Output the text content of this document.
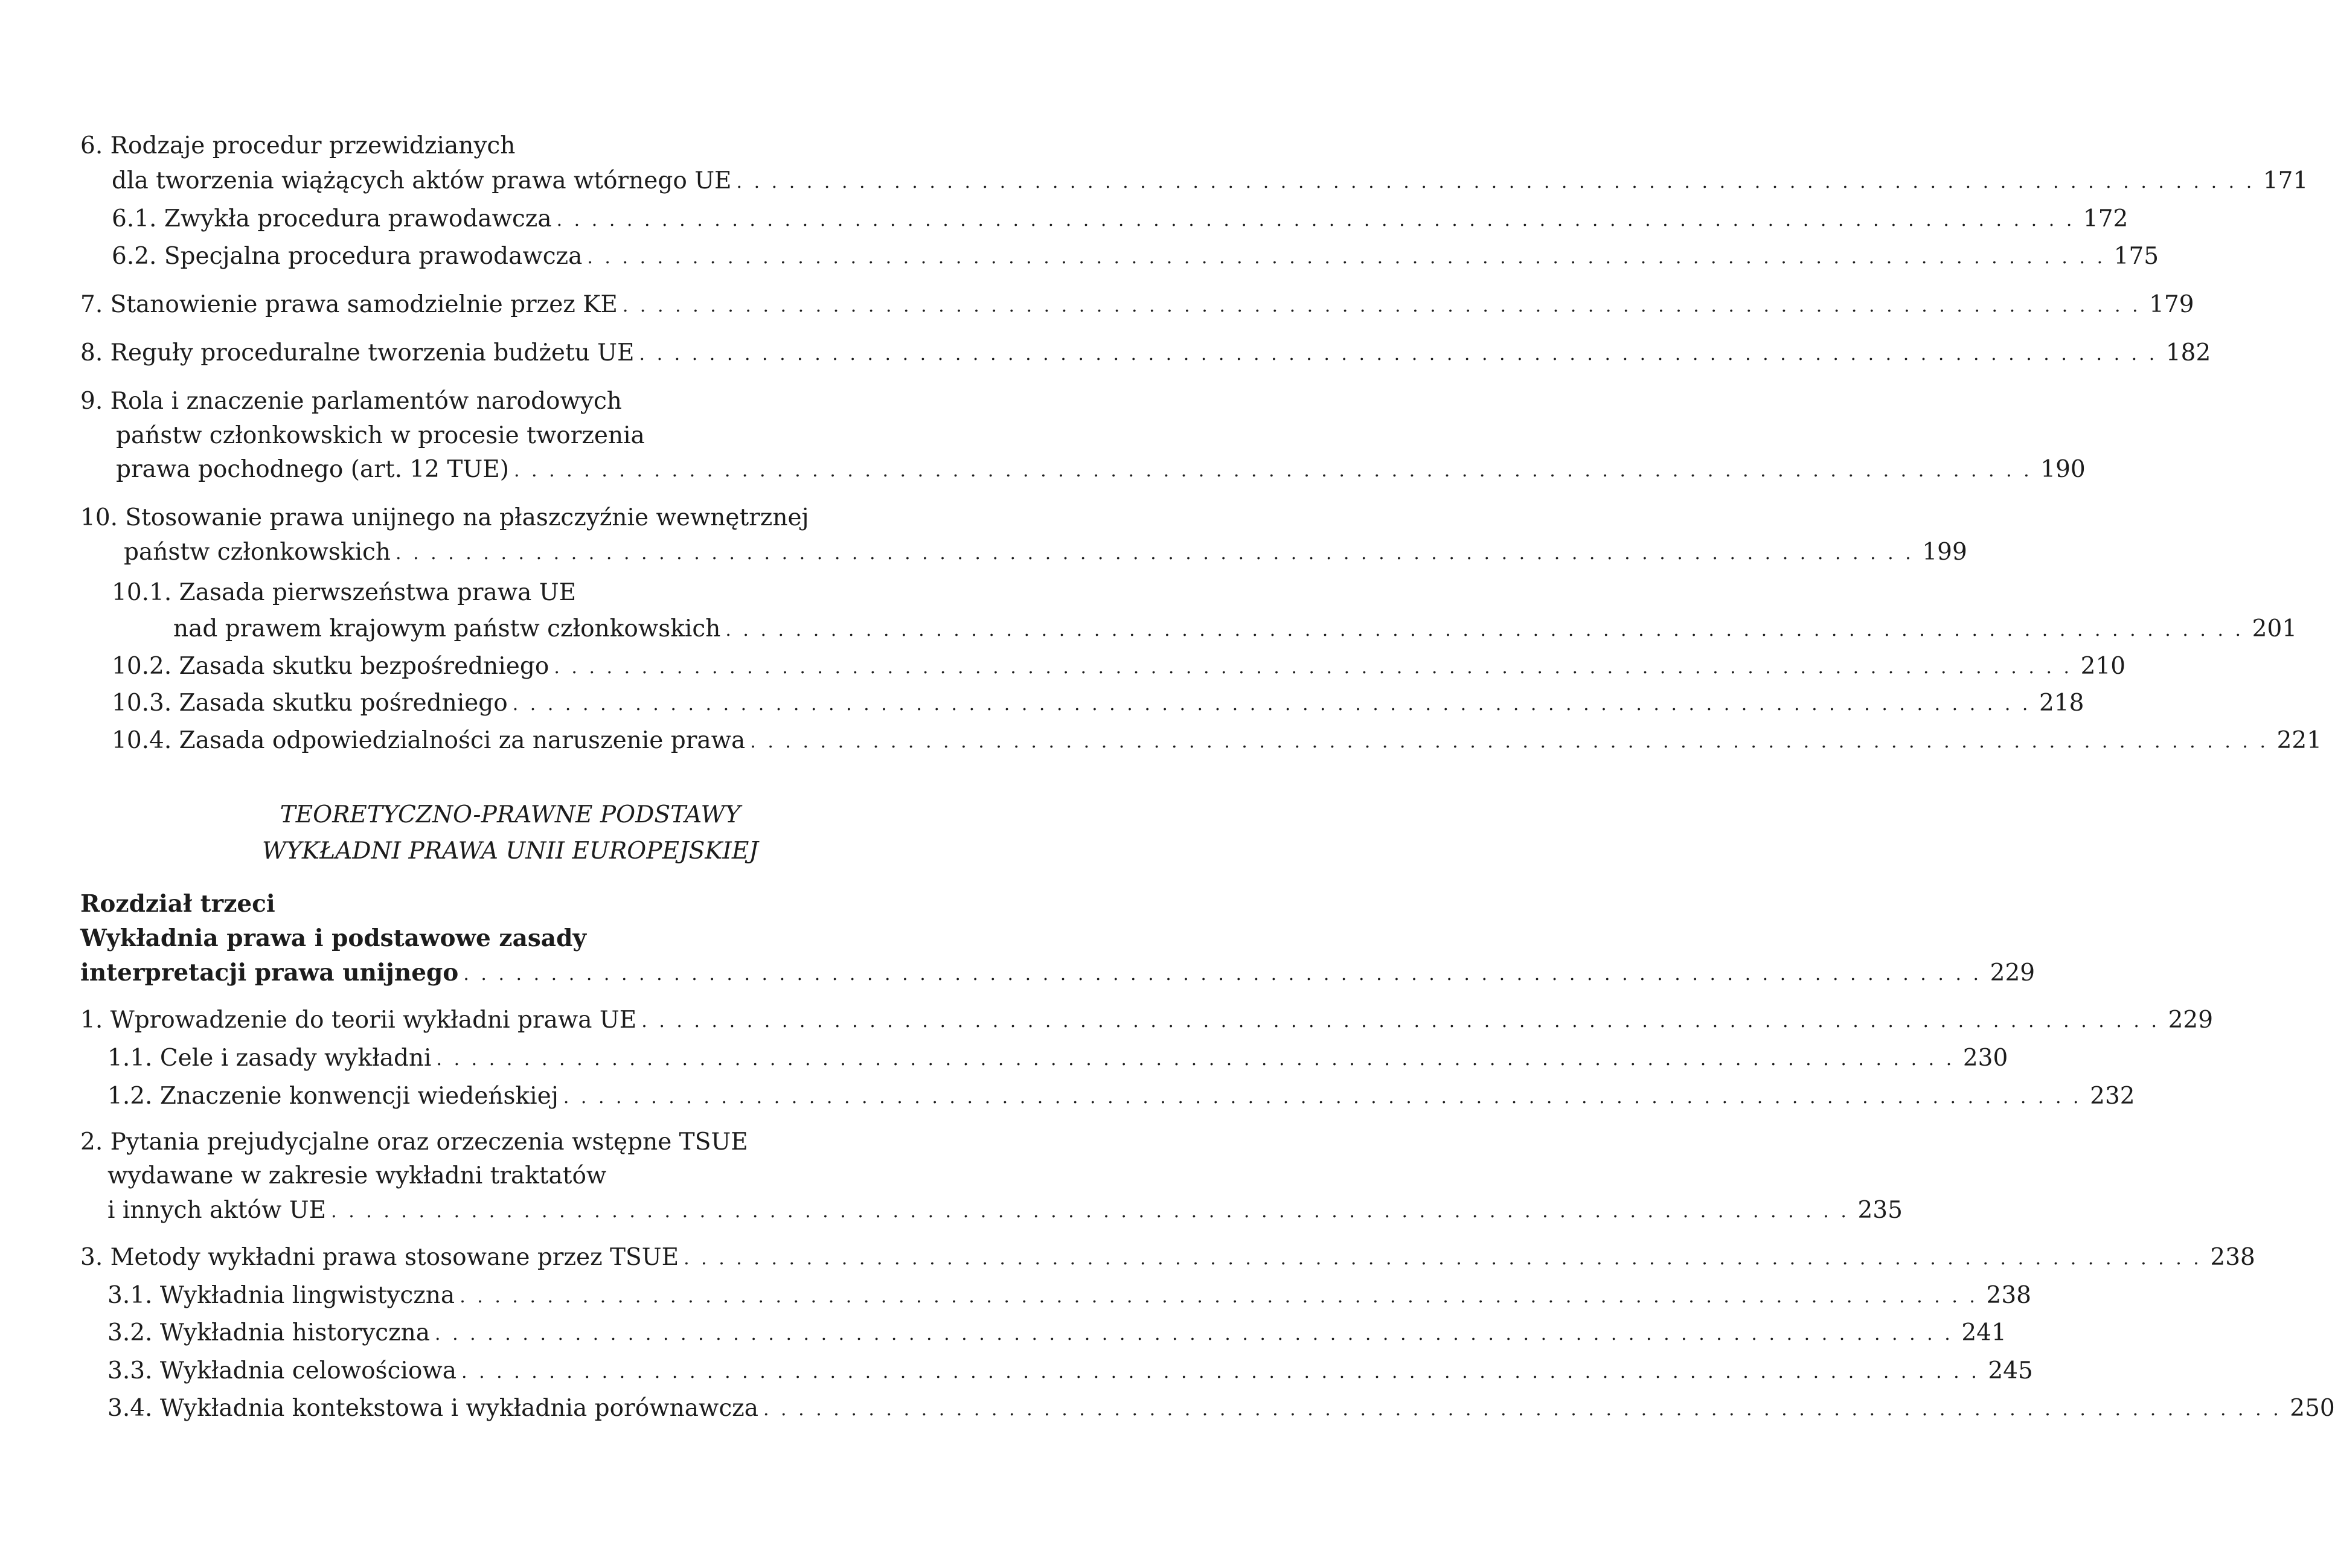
6. Rodzaje procedur przewidzianych
dla tworzenia wiążących aktów prawa wtórnego UE . . . . . . . . . . . . . . . . . . . . . . . . . . . . . . . . . . . . . . . . . . . . . . . . . . . . . . . . . . . . . . . . . . . . . . . . . . . . . . . . . . . . . . . 171
6.1. Zwykła procedura prawodawcza . . . . . . . . . . . . . . . . . . . . . . . . . . . . . . . . . . . . . . . . . . . . . . . . . . . . . . . . . . . . . . . . . . . . . . . . . . . . . . . . . . . . . . . 172
6.2. Specjalna procedura prawodawcza . . . . . . . . . . . . . . . . . . . . . . . . . . . . . . . . . . . . . . . . . . . . . . . . . . . . . . . . . . . . . . . . . . . . . . . . . . . . . . . . . . . . . . . 175
7. Stanowienie prawa samodzielnie przez KE . . . . . . . . . . . . . . . . . . . . . . . . . . . . . . . . . . . . . . . . . . . . . . . . . . . . . . . . . . . . . . . . . . . . . . . . . . . . . . . . . . . . . . . 179
8. Reguły proceduralne tworzenia budżetu UE . . . . . . . . . . . . . . . . . . . . . . . . . . . . . . . . . . . . . . . . . . . . . . . . . . . . . . . . . . . . . . . . . . . . . . . . . . . . . . . . . . . . . . . 182
9. Rola i znaczenie parlamentów narodowych
państw członkowskich w procesie tworzenia
prawa pochodnego (art. 12 TUE) . . . . . . . . . . . . . . . . . . . . . . . . . . . . . . . . . . . . . . . . . . . . . . . . . . . . . . . . . . . . . . . . . . . . . . . . . . . . . . . . . . . . . . . 190
10. Stosowanie prawa unijnego na płaszczyźnie wewnętrznej
państw członkowskich . . . . . . . . . . . . . . . . . . . . . . . . . . . . . . . . . . . . . . . . . . . . . . . . . . . . . . . . . . . . . . . . . . . . . . . . . . . . . . . . . . . . . . . 199
10.1. Zasada pierwszeństwa prawa UE
nad prawem krajowym państw członkowskich . . . . . . . . . . . . . . . . . . . . . . . . . . . . . . . . . . . . . . . . . . . . . . . . . . . . . . . . . . . . . . . . . . . . . . . . . . . . . . . . . . . . . . . 201
10.2. Zasada skutku bezpośredniego . . . . . . . . . . . . . . . . . . . . . . . . . . . . . . . . . . . . . . . . . . . . . . . . . . . . . . . . . . . . . . . . . . . . . . . . . . . . . . . . . . . . . . . 210
10.3. Zasada skutku pośredniego . . . . . . . . . . . . . . . . . . . . . . . . . . . . . . . . . . . . . . . . . . . . . . . . . . . . . . . . . . . . . . . . . . . . . . . . . . . . . . . . . . . . . . . 218
10.4. Zasada odpowiedzialności za naruszenie prawa . . . . . . . . . . . . . . . . . . . . . . . . . . . . . . . . . . . . . . . . . . . . . . . . . . . . . . . . . . . . . . . . . . . . . . . . . . . . . . . . . . . . . . . 221
TEORETYCZNO-PRAWNE PODSTAWY
WYKŁADNI PRAWA UNII EUROPEJSKIEJ
Rozdział trzeci
Wykładnia prawa i podstawowe zasady
interpretacji prawa unijnego . . . . . . . . . . . . . . . . . . . . . . . . . . . . . . . . . . . . . . . . . . . . . . . . . . . . . . . . . . . . . . . . . . . . . . . . . . . . . . . . . . . . . . . 229
1. Wprowadzenie do teorii wykładni prawa UE . . . . . . . . . . . . . . . . . . . . . . . . . . . . . . . . . . . . . . . . . . . . . . . . . . . . . . . . . . . . . . . . . . . . . . . . . . . . . . . . . . . . . . . 229
1.1. Cele i zasady wykładni . . . . . . . . . . . . . . . . . . . . . . . . . . . . . . . . . . . . . . . . . . . . . . . . . . . . . . . . . . . . . . . . . . . . . . . . . . . . . . . . . . . . . . . 230
1.2. Znaczenie konwencji wiedeńskiej . . . . . . . . . . . . . . . . . . . . . . . . . . . . . . . . . . . . . . . . . . . . . . . . . . . . . . . . . . . . . . . . . . . . . . . . . . . . . . . . . . . . . . . 232
2. Pytania prejudycjalne oraz orzeczenia wstępne TSUE
wydawane w zakresie wykładni traktatów
i innych aktów UE . . . . . . . . . . . . . . . . . . . . . . . . . . . . . . . . . . . . . . . . . . . . . . . . . . . . . . . . . . . . . . . . . . . . . . . . . . . . . . . . . . . . . . . 235
3. Metody wykładni prawa stosowane przez TSUE . . . . . . . . . . . . . . . . . . . . . . . . . . . . . . . . . . . . . . . . . . . . . . . . . . . . . . . . . . . . . . . . . . . . . . . . . . . . . . . . . . . . . . . 238
3.1. Wykładnia lingwistyczna . . . . . . . . . . . . . . . . . . . . . . . . . . . . . . . . . . . . . . . . . . . . . . . . . . . . . . . . . . . . . . . . . . . . . . . . . . . . . . . . . . . . . . . 238
3.2. Wykładnia historyczna . . . . . . . . . . . . . . . . . . . . . . . . . . . . . . . . . . . . . . . . . . . . . . . . . . . . . . . . . . . . . . . . . . . . . . . . . . . . . . . . . . . . . . . 241
3.3. Wykładnia celowościowa . . . . . . . . . . . . . . . . . . . . . . . . . . . . . . . . . . . . . . . . . . . . . . . . . . . . . . . . . . . . . . . . . . . . . . . . . . . . . . . . . . . . . . . 245
3.4. Wykładnia kontekstowa i wykładnia porównawcza . . . . . . . . . . . . . . . . . . . . . . . . . . . . . . . . . . . . . . . . . . . . . . . . . . . . . . . . . . . . . . . . . . . . . . . . . . . . . . . . . . . . . . . 250
